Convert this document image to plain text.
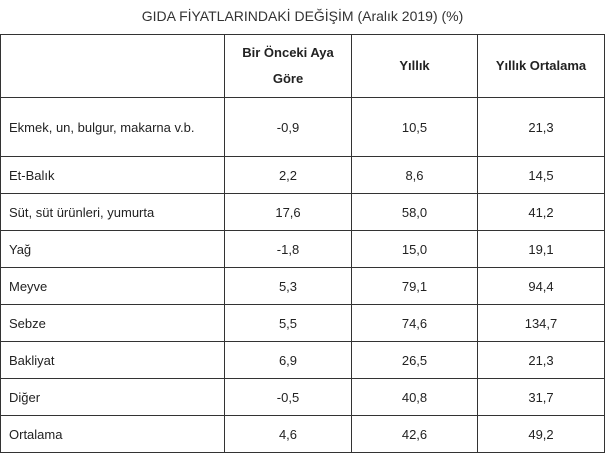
GIDA FİYATLARINDAKİ DEĞİŞİM (Aralık 2019) (%)
	Bir Önceki Aya Göre	Yıllık	Yıllık Ortalama
Ekmek, un, bulgur, makarna v.b.	-0,9	10,5	21,3
Et-Balık	2,2	8,6	14,5
Süt, süt ürünleri, yumurta	17,6	58,0	41,2
Yağ	-1,8	15,0	19,1
Meyve	5,3	79,1	94,4
Sebze	5,5	74,6	134,7
Bakliyat	6,9	26,5	21,3
Diğer	-0,5	40,8	31,7
Ortalama	4,6	42,6	49,2
